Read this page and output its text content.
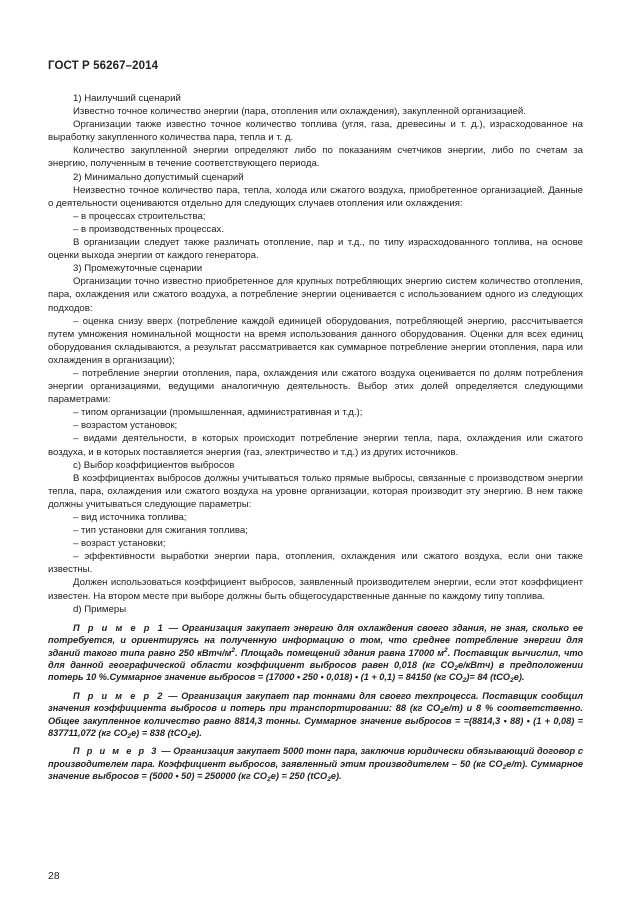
ГОСТ Р 56267–2014

1) Наилучший сценарий

Известно точное количество энергии (пара, отопления или охлаждения), закупленной организацией.

Организации также известно точное количество топлива (угля, газа, древесины и т. д.), израсходованное на выработку закупленного количества пара, тепла и т. д.

Количество закупленной энергии определяют либо по показаниям счетчиков энергии, либо по счетам за энергию, полученным в течение соответствующего периода.

2) Минимально допустимый сценарий

Неизвестно точное количество пара, тепла, холода или сжатого воздуха, приобретенное организацией. Данные о деятельности оцениваются отдельно для следующих случаев отопления или охлаждения:

– в процессах строительства;

– в производственных процессах.

В организации следует также различать отопление, пар и т.д., по типу израсходованного топлива, на основе оценки выхода энергии от каждого генератора.

3) Промежуточные сценарии

Организации точно известно приобретенное для крупных потребляющих энергию систем количество отопления, пара, охлаждения или сжатого воздуха, а потребление энергии оценивается с использованием одного из следующих подходов:

– оценка снизу вверх (потребление каждой единицей оборудования, потребляющей энергию, рассчитывается путем умножения номинальной мощности на время использования данного оборудования. Оценки для всех единиц оборудования складываются, а результат рассматривается как суммарное потребление энергии отопления, пара или охлаждения в организации);

– потребление энергии отопления, пара, охлаждения или сжатого воздуха оценивается по долям потребления энергии организациями, ведущими аналогичную деятельность. Выбор этих долей определяется следующими параметрами:

– типом организации (промышленная, административная и т.д.);

– возрастом установок;

– видами деятельности, в которых происходит потребление энергии тепла, пара, охлаждения или сжатого воздуха, и в которых поставляется энергия (газ, электричество и т.д.) из других источников.

с) Выбор коэффициентов выбросов

В коэффициентах выбросов должны учитываться только прямые выбросы, связанные с производством энергии тепла, пара, охлаждения или сжатого воздуха на уровне организации, которая производит эту энергию. В нем также должны учитываться следующие параметры:

– вид источника топлива;

– тип установки для сжигания топлива;

– возраст установки;

– эффективности выработки энергии пара, отопления, охлаждения или сжатого воздуха, если они также известны.

Должен использоваться коэффициент выбросов, заявленный производителем энергии, если этот коэффициент известен. На втором месте при выборе должны быть общегосударственные данные по каждому типу топлива.

d) Примеры

П р и м е р 1 — Организация закупает энергию для охлаждения своего здания, не зная, сколько ее потребуется, и ориентируясь на полученную информацию о том, что среднее потребление энергии для зданий такого типа равно 250 кВтч/$м^2$. Площадь помещений здания равна 17000 $м^2$. Поставщик вычислил, что для данной географической области коэффициент выбросов равен 0,018 (кг $СО_2е/кВтч$) в предположении потерь 10 %.Суммарное значение выбросов = (17000 • 250 • 0,018) • (1 + 0,1) = 84150 (кг $СО_2)= 84$ (tCO$_2$e).

П р и м е р 2 — Организация закупает пар тоннами для своего техпроцесса. Поставщик сообщил значения коэффициента выбросов и потерь при транспортировании: 88 (кг $СО_2е/т$) и 8 % соответственно. Общее закупленное количество равно 8814,3 тонны. Суммарное значение выбросов = =(8814,3 • 88) • (1 + 0,08) = 837711,072 (кг $СО_2е) = 838$ (tCO$_2$e).

П р и м е р 3 — Организация закупает 5000 тонн пара, заключив юридически обязывающий договор с производителем пара. Коэффициент выбросов, заявленный этим производителем – 50 (кг $СО_2е/т$). Суммарное значение выбросов = (5000 • 50) = 250000 (кг $СО_2е) = 250$ (tCO$_2$e).

28
